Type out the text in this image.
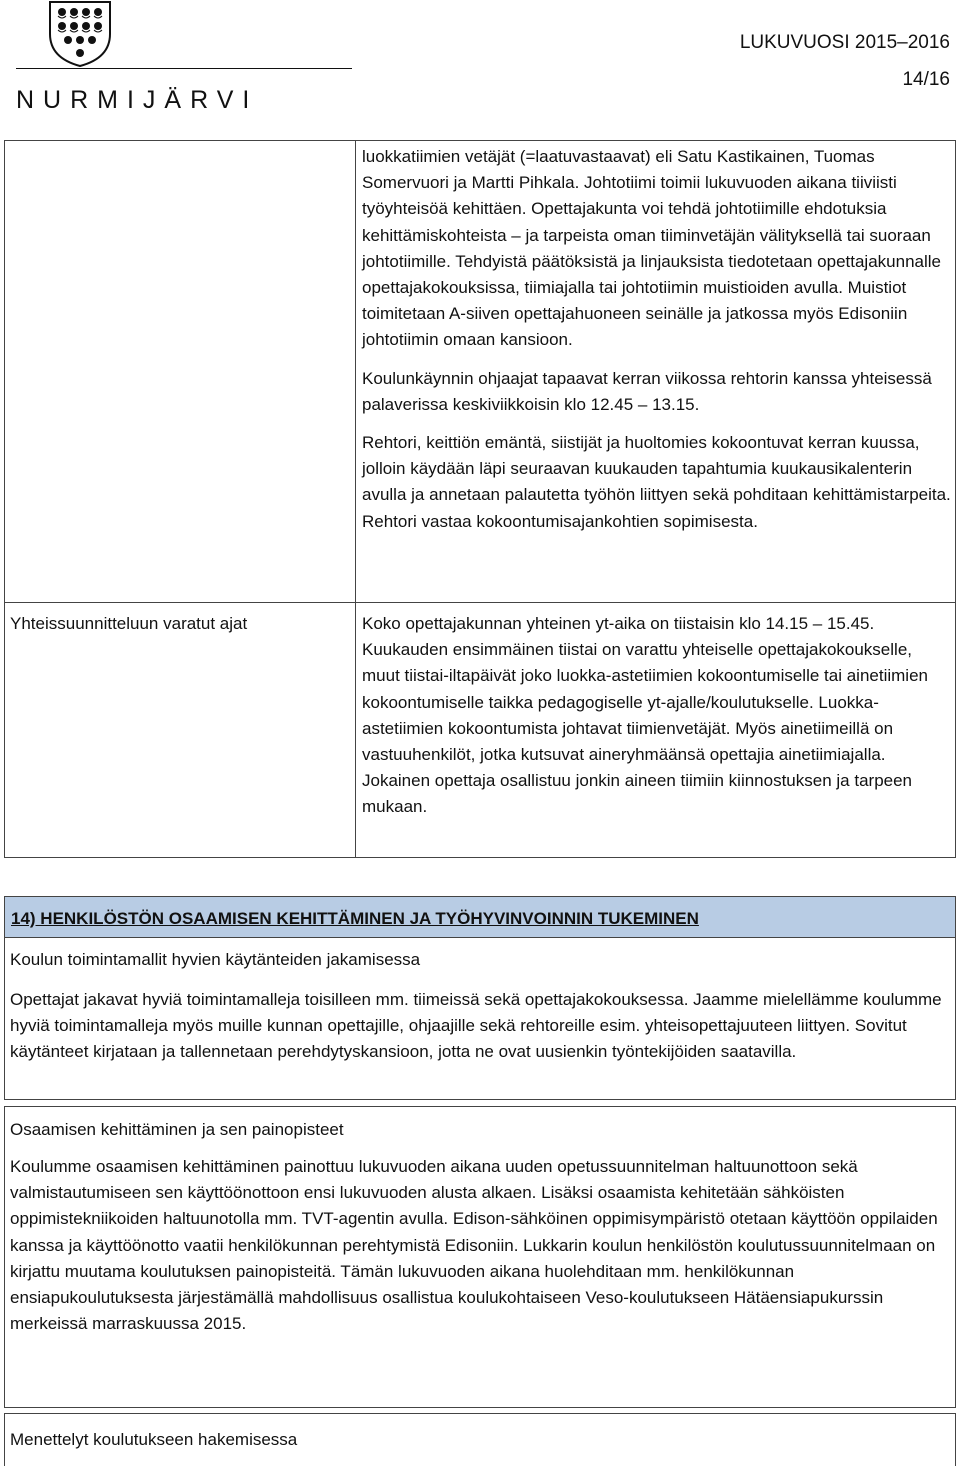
NURMIJÄRVI
LUKUVUOSI 2015–2016
14/16

luokkatiimien vetäjät (=laatuvastaavat) eli Satu Kastikainen, Tuomas Somervuori ja Martti Pihkala. Johtotiimi toimii lukuvuoden aikana tiiviisti työyhteisöä kehittäen. Opettajakunta voi tehdä johtotiimille ehdotuksia kehittämiskohteista – ja tarpeista oman tiiminvetäjän välityksellä tai suoraan johtotiimille. Tehdyistä päätöksistä ja linjauksista tiedotetaan opettajakunnalle opettajakokouksissa, tiimiajalla tai johtotiimin muistioiden avulla. Muistiot toimitetaan A-siiven opettajahuoneen seinälle ja jatkossa myös Edisoniin johtotiimin omaan kansioon.

Koulunkäynnin ohjaajat tapaavat kerran viikossa rehtorin kanssa yhteisessä palaverissa keskiviikkoisin klo 12.45 – 13.15.

Rehtori, keittiön emäntä, siistijät ja huoltomies kokoontuvat kerran kuussa, jolloin käydään läpi seuraavan kuukauden tapahtumia kuukausikalenterin avulla ja annetaan palautetta työhön liittyen sekä pohditaan kehittämistarpeita. Rehtori vastaa kokoontumisajankohtien sopimisesta.

Yhteissuunnitteluun varatut ajat	Koko opettajakunnan yhteinen yt-aika on tiistaisin klo 14.15 – 15.45. Kuukauden ensimmäinen tiistai on varattu yhteiselle opettajakokoukselle, muut tiistai-iltapäivät joko luokka-astetiimien kokoontumiselle tai ainetiimien kokoontumiselle taikka pedagogiselle yt-ajalle/koulutukselle. Luokka-astetiimien kokoontumista johtavat tiimienvetäjät. Myös ainetiimeillä on vastuuhenkilöt, jotka kutsuvat aineryhmäänsä opettajia ainetiimiajalla. Jokainen opettaja osallistuu jonkin aineen tiimiin kiinnostuksen ja tarpeen mukaan.

14) HENKILÖSTÖN OSAAMISEN KEHITTÄMINEN JA TYÖHYVINVOINNIN TUKEMINEN

Koulun toimintamallit hyvien käytänteiden jakamisessa

Opettajat jakavat hyviä toimintamalleja toisilleen mm. tiimeissä sekä opettajakokouksessa. Jaamme mielellämme koulumme hyviä toimintamalleja myös muille kunnan opettajille, ohjaajille sekä rehtoreille esim. yhteisopettajuuteen liittyen. Sovitut käytänteet kirjataan ja tallennetaan perehdytyskansioon, jotta ne ovat uusienkin työntekijöiden saatavilla.

Osaamisen kehittäminen ja sen painopisteet

Koulumme osaamisen kehittäminen painottuu lukuvuoden aikana uuden opetussuunnitelman haltuunottoon sekä valmistautumiseen sen käyttöönottoon ensi lukuvuoden alusta alkaen. Lisäksi osaamista kehitetään sähköisten oppimistekniikoiden haltuunotolla mm. TVT-agentin avulla. Edison-sähköinen oppimisympäristö otetaan käyttöön oppilaiden kanssa ja käyttöönotto vaatii henkilökunnan perehtymistä Edisoniin. Lukkarin koulun henkilöstön koulutussuunnitelmaan on kirjattu muutama koulutuksen painopisteitä. Tämän lukuvuoden aikana huolehditaan mm. henkilökunnan ensiapukoulutuksesta järjestämällä mahdollisuus osallistua koulukohtaiseen Veso-koulutukseen Hätäensiapukurssin merkeissä marraskuussa 2015.

Menettelyt koulutukseen hakemisessa
